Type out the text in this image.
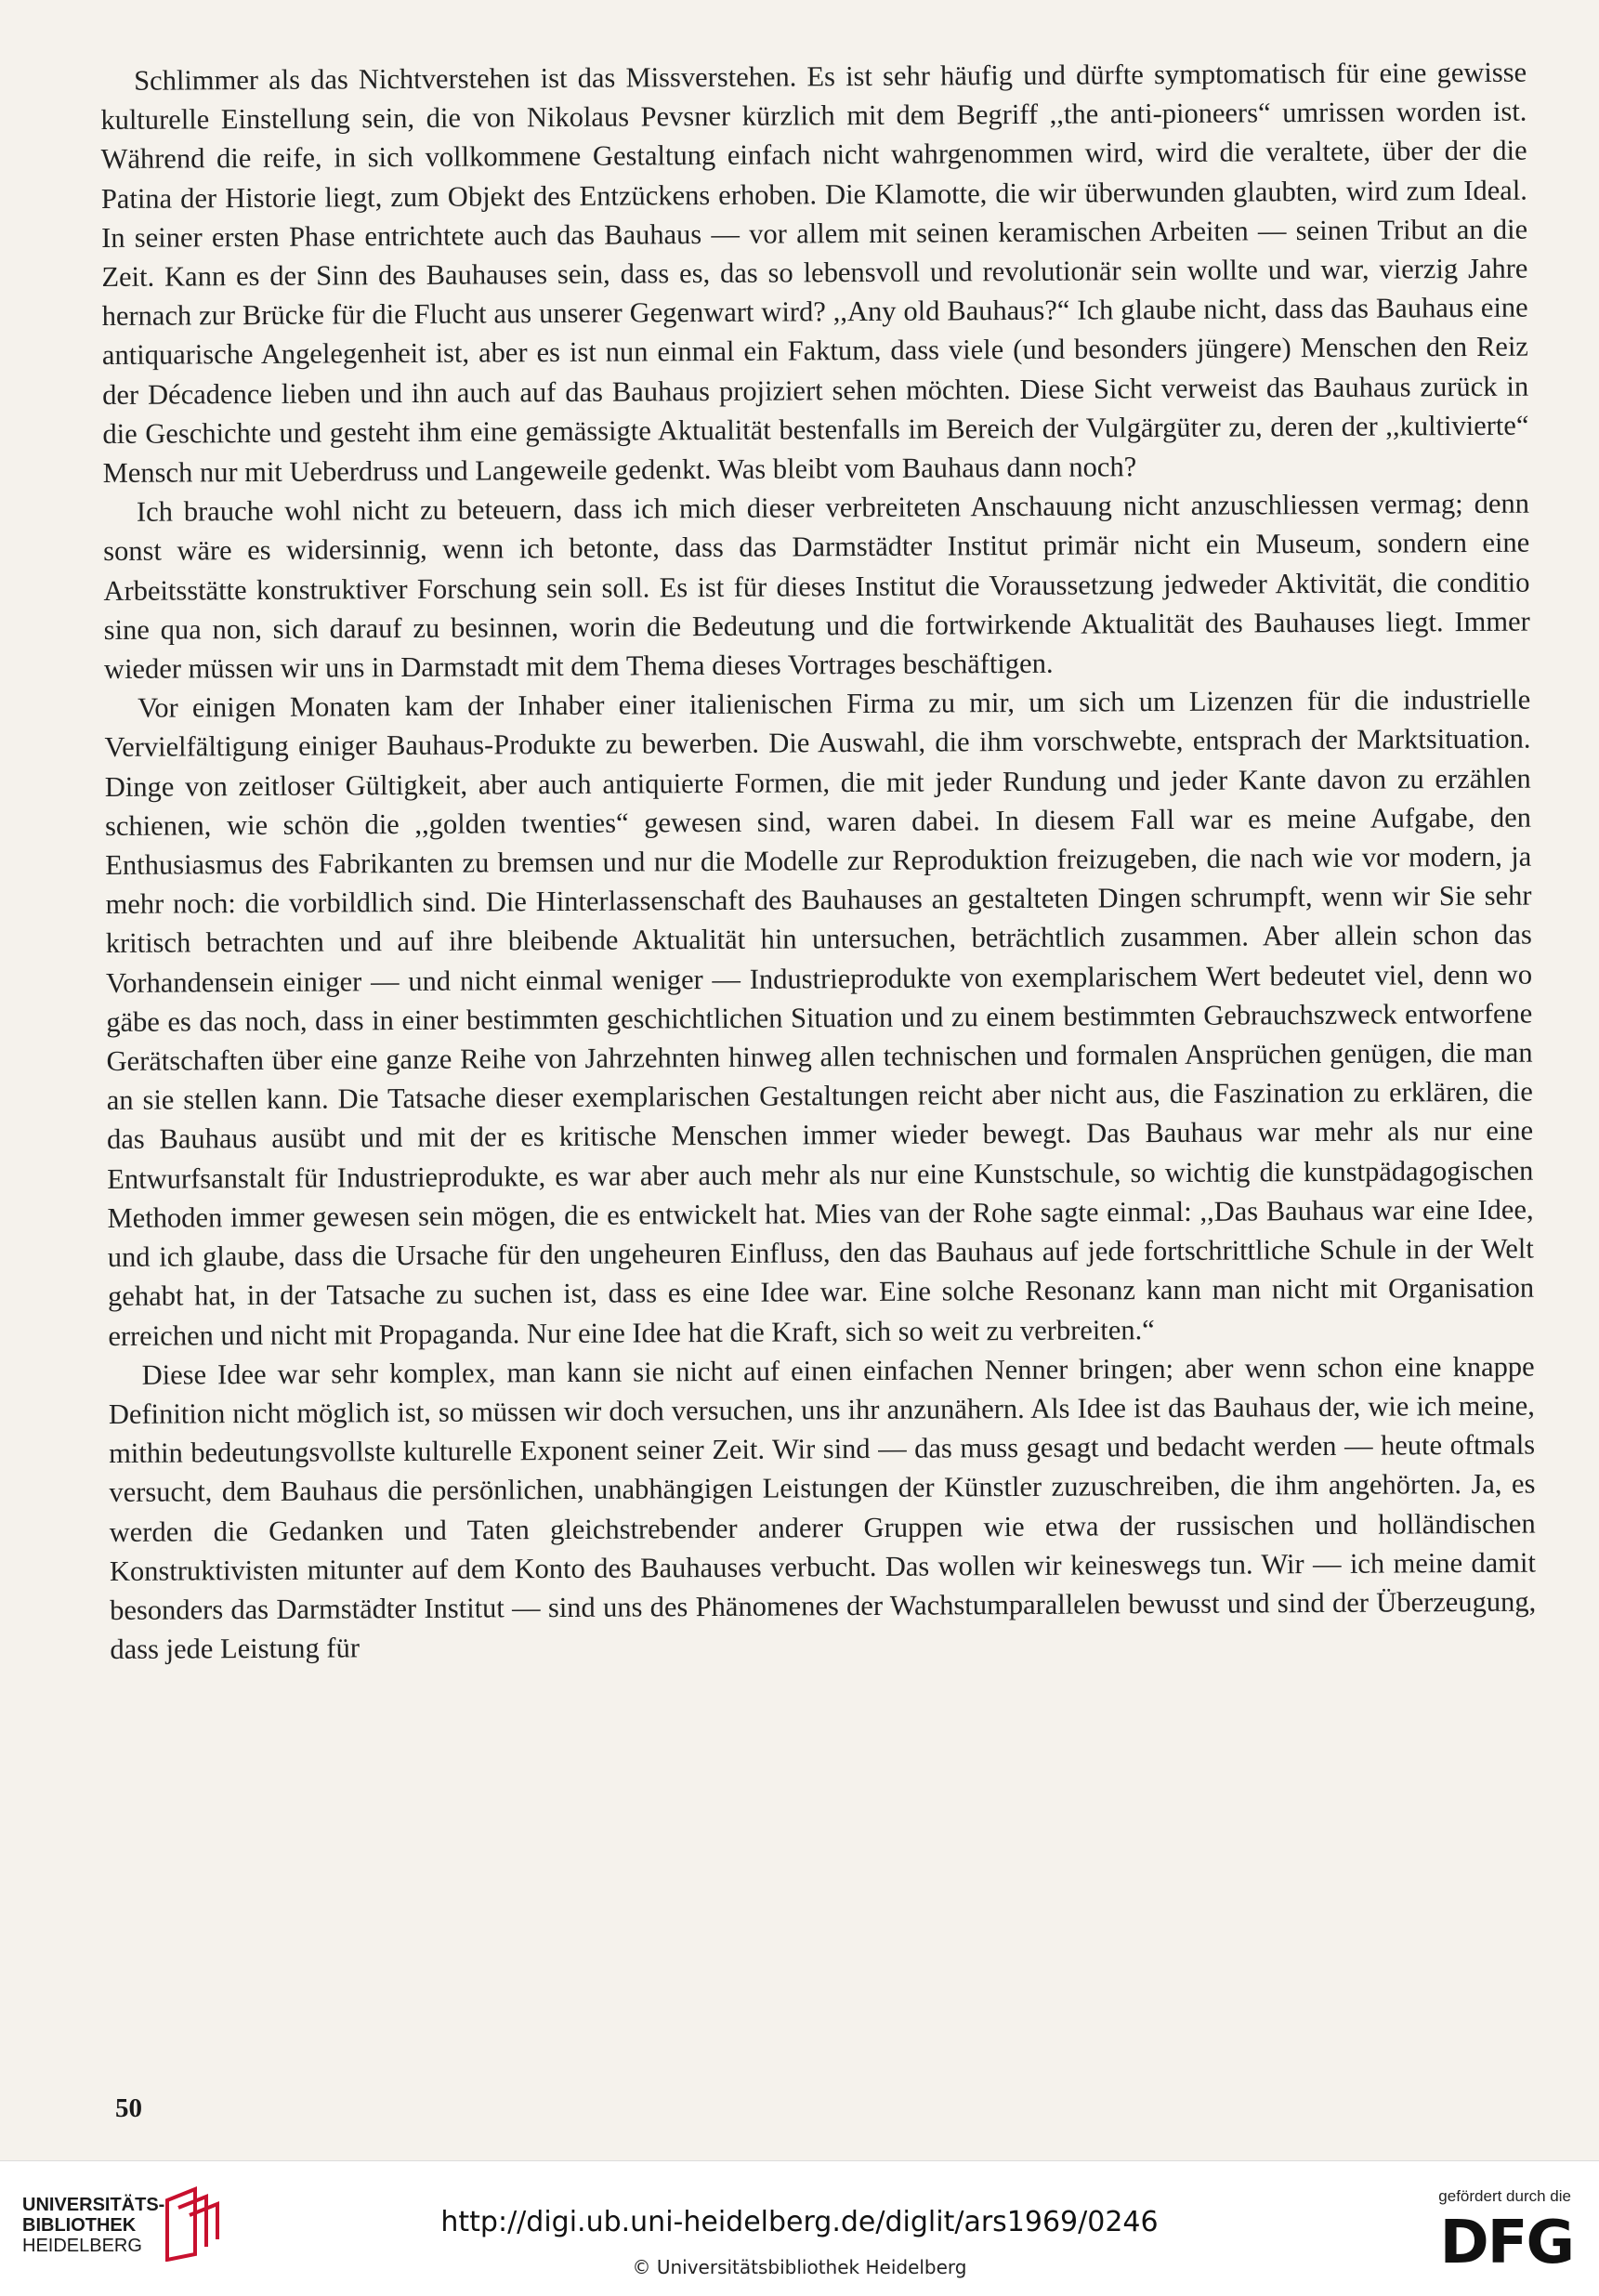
Schlimmer als das Nichtverstehen ist das Missverstehen. Es ist sehr häufig und dürfte symptomatisch für eine gewisse kulturelle Einstellung sein, die von Nikolaus Pevsner kürzlich mit dem Begriff ,,the anti-pioneers“ umrissen worden ist. Während die reife, in sich vollkommene Gestaltung einfach nicht wahrgenommen wird, wird die veraltete, über der die Patina der Historie liegt, zum Objekt des Entzückens erhoben. Die Klamotte, die wir überwunden glaubten, wird zum Ideal. In seiner ersten Phase entrichtete auch das Bauhaus — vor allem mit seinen keramischen Arbeiten — seinen Tribut an die Zeit. Kann es der Sinn des Bauhauses sein, dass es, das so lebensvoll und revolutionär sein wollte und war, vierzig Jahre hernach zur Brücke für die Flucht aus unserer Gegenwart wird? ,,Any old Bauhaus?“ Ich glaube nicht, dass das Bauhaus eine antiquarische Angelegenheit ist, aber es ist nun einmal ein Faktum, dass viele (und besonders jüngere) Menschen den Reiz der Décadence lieben und ihn auch auf das Bauhaus projiziert sehen möchten. Diese Sicht verweist das Bauhaus zurück in die Geschichte und gesteht ihm eine gemässigte Aktualität bestenfalls im Bereich der Vulgärgüter zu, deren der ,,kultivierte“ Mensch nur mit Ueberdruss und Langeweile gedenkt. Was bleibt vom Bauhaus dann noch?

Ich brauche wohl nicht zu beteuern, dass ich mich dieser verbreiteten Anschauung nicht anzuschliessen vermag; denn sonst wäre es widersinnig, wenn ich betonte, dass das Darmstädter Institut primär nicht ein Museum, sondern eine Arbeitsstätte konstruktiver Forschung sein soll. Es ist für dieses Institut die Voraussetzung jedweder Aktivität, die conditio sine qua non, sich darauf zu besinnen, worin die Bedeutung und die fortwirkende Aktualität des Bauhauses liegt. Immer wieder müssen wir uns in Darmstadt mit dem Thema dieses Vortrages beschäftigen.

Vor einigen Monaten kam der Inhaber einer italienischen Firma zu mir, um sich um Lizenzen für die industrielle Vervielfältigung einiger Bauhaus-Produkte zu bewerben. Die Auswahl, die ihm vorschwebte, entsprach der Marktsituation. Dinge von zeitloser Gültigkeit, aber auch antiquierte Formen, die mit jeder Rundung und jeder Kante davon zu erzählen schienen, wie schön die ,,golden twenties“ gewesen sind, waren dabei. In diesem Fall war es meine Aufgabe, den Enthusiasmus des Fabrikanten zu bremsen und nur die Modelle zur Reproduktion freizugeben, die nach wie vor modern, ja mehr noch: die vorbildlich sind. Die Hinterlassenschaft des Bauhauses an gestalteten Dingen schrumpft, wenn wir Sie sehr kritisch betrachten und auf ihre bleibende Aktualität hin untersuchen, beträchtlich zusammen. Aber allein schon das Vorhandensein einiger — und nicht einmal weniger — Industrieprodukte von exemplarischem Wert bedeutet viel, denn wo gäbe es das noch, dass in einer bestimmten geschichtlichen Situation und zu einem bestimmten Gebrauchszweck entworfene Gerätschaften über eine ganze Reihe von Jahrzehnten hinweg allen technischen und formalen Ansprüchen genügen, die man an sie stellen kann. Die Tatsache dieser exemplarischen Gestaltungen reicht aber nicht aus, die Faszination zu erklären, die das Bauhaus ausübt und mit der es kritische Menschen immer wieder bewegt. Das Bauhaus war mehr als nur eine Entwurfsanstalt für Industrieprodukte, es war aber auch mehr als nur eine Kunstschule, so wichtig die kunstpädagogischen Methoden immer gewesen sein mögen, die es entwickelt hat. Mies van der Rohe sagte einmal: ,,Das Bauhaus war eine Idee, und ich glaube, dass die Ursache für den ungeheuren Einfluss, den das Bauhaus auf jede fortschrittliche Schule in der Welt gehabt hat, in der Tatsache zu suchen ist, dass es eine Idee war. Eine solche Resonanz kann man nicht mit Organisation erreichen und nicht mit Propaganda. Nur eine Idee hat die Kraft, sich so weit zu verbreiten.“

Diese Idee war sehr komplex, man kann sie nicht auf einen einfachen Nenner bringen; aber wenn schon eine knappe Definition nicht möglich ist, so müssen wir doch versuchen, uns ihr anzunähern. Als Idee ist das Bauhaus der, wie ich meine, mithin bedeutungsvollste kulturelle Exponent seiner Zeit. Wir sind — das muss gesagt und bedacht werden — heute oftmals versucht, dem Bauhaus die persönlichen, unabhängigen Leistungen der Künstler zuzuschreiben, die ihm angehörten. Ja, es werden die Gedanken und Taten gleichstrebender anderer Gruppen wie etwa der russischen und holländischen Konstruktivisten mitunter auf dem Konto des Bauhauses verbucht. Das wollen wir keineswegs tun. Wir — ich meine damit besonders das Darmstädter Institut — sind uns des Phänomenes der Wachstumparallelen bewusst und sind der Überzeugung, dass jede Leistung für

50
UNIVERSITÄTS-
BIBLIOTHEK
HEIDELBERG
http://digi.ub.uni-heidelberg.de/diglit/ars1969/0246
© Universitätsbibliothek Heidelberg
gefördert durch die
DFG
